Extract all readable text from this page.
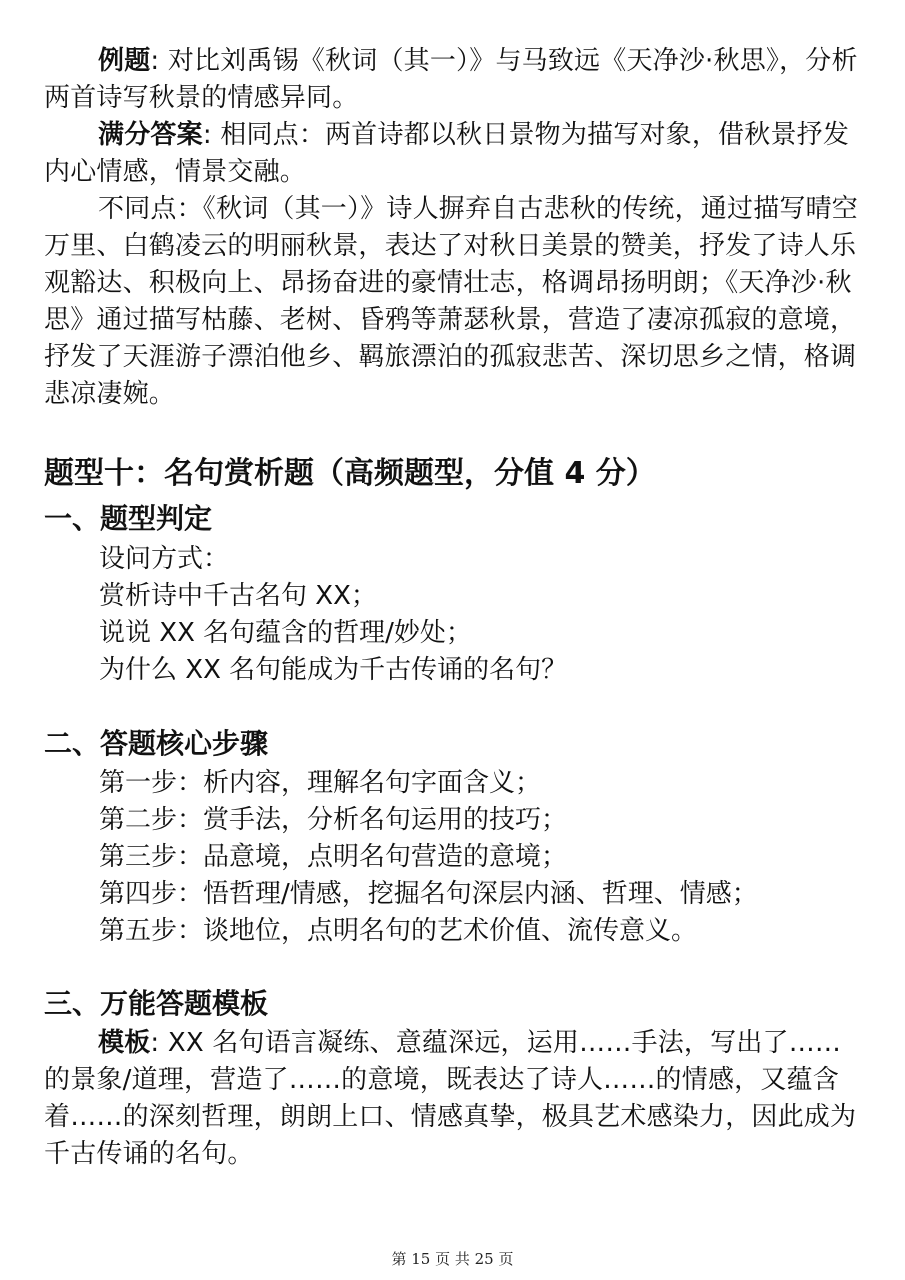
例题: 对比刘禹锡《秋词（其一）》与马致远《天净沙·秋思》，分析两首诗写秋景的情感异同。

满分答案: 相同点：两首诗都以秋日景物为描写对象，借秋景抒发内心情感，情景交融。

不同点：《秋词（其一）》诗人摒弃自古悲秋的传统，通过描写晴空万里、白鹤凌云的明丽秋景，表达了对秋日美景的赞美，抒发了诗人乐观豁达、积极向上、昂扬奋进的豪情壮志，格调昂扬明朗；《天净沙·秋思》通过描写枯藤、老树、昏鸦等萧瑟秋景，营造了凄凉孤寂的意境，抒发了天涯游子漂泊他乡、羁旅漂泊的孤寂悲苦、深切思乡之情，格调悲凉凄婉。

题型十：名句赏析题（高频题型，分值 4 分）
一、题型判定

设问方式：

赏析诗中千古名句 XX；

说说 XX 名句蕴含的哲理/妙处；

为什么 XX 名句能成为千古传诵的名句？

二、答题核心步骤

第一步：析内容，理解名句字面含义；

第二步：赏手法，分析名句运用的技巧；

第三步：品意境，点明名句营造的意境；

第四步：悟哲理/情感，挖掘名句深层内涵、哲理、情感；

第五步：谈地位，点明名句的艺术价值、流传意义。

三、万能答题模板

模板: XX 名句语言凝练、意蕴深远，运用……手法，写出了……的景象/道理，营造了……的意境，既表达了诗人……的情感，又蕴含着……的深刻哲理，朗朗上口、情感真挚，极具艺术感染力，因此成为千古传诵的名句。

第 15 页 共 25 页
